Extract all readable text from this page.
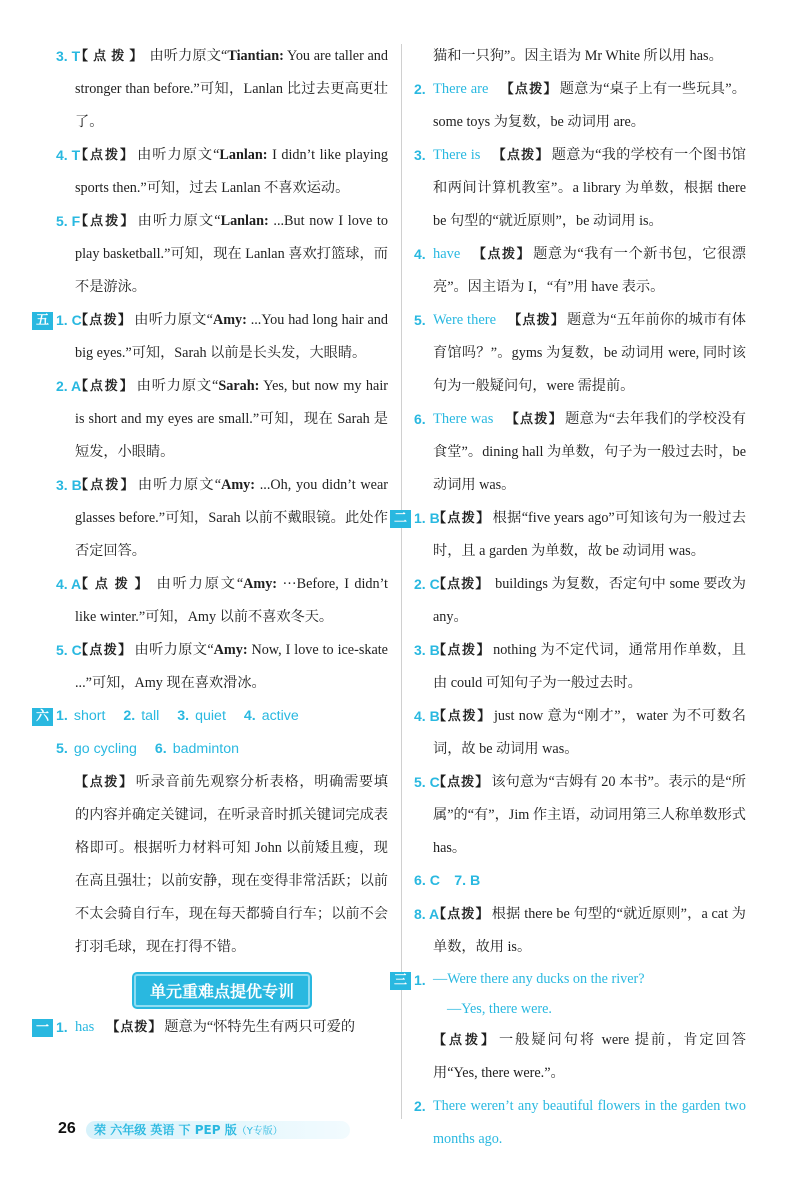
3. T
【点拨】 由听力原文“Tiantian: You are taller and stronger than before.”可知，Lanlan 比过去更高更壮了。
4. T
【点拨】 由听力原文“Lanlan: I didn’t like playing sports then.”可知，过去 Lanlan 不喜欢运动。
5. F
【点拨】 由听力原文“Lanlan: ...But now I love to play basketball.”可知，现在 Lanlan 喜欢打篮球，而不是游泳。
五 1. C
【点拨】 由听力原文“Amy: ...You had long hair and big eyes.”可知，Sarah 以前是长头发，大眼睛。
2. A
【点拨】 由听力原文“Sarah: Yes, but now my hair is short and my eyes are small.”可知，现在 Sarah 是短发，小眼睛。
3. B
【点拨】 由听力原文“Amy: ...Oh, you didn’t wear glasses before.”可知，Sarah 以前不戴眼镜。此处作否定回答。
4. A
【点拨】 由听力原文“Amy: ···Before, I didn’t like winter.”可知，Amy 以前不喜欢冬天。
5. C
【点拨】 由听力原文“Amy: Now, I love to ice-skate ...”可知，Amy 现在喜欢滑冰。
六 1. short 2. tall 3. quiet 4. active
5. go cycling 6. badminton
【点拨】 听录音前先观察分析表格，明确需要填的内容并确定关键词，在听录音时抓关键词完成表格即可。根据听力材料可知 John 以前矮且瘦，现在高且强壮；以前安静，现在变得非常活跃；以前不太会骑自行车，现在每天都骑自行车；以前不会打羽毛球，现在打得不错。
单元重难点提优专训
一 1. has 【点拨】 题意为“怀特先生有两只可爱的
猫和一只狗”。因主语为 Mr White 所以用 has。
2. There are 【点拨】 题意为“桌子上有一些玩具”。some toys 为复数，be 动词用 are。
3. There is 【点拨】 题意为“我的学校有一个图书馆和两间计算机教室”。a library 为单数，根据 there be 句型的“就近原则”，be 动词用 is。
4. have 【点拨】 题意为“我有一个新书包，它很漂亮”。因主语为 I，“有”用 have 表示。
5. Were there 【点拨】 题意为“五年前你的城市有体育馆吗？”。gyms 为复数，be 动词用 were, 同时该句为一般疑问句，were 需提前。
6. There was 【点拨】 题意为“去年我们的学校没有食堂”。dining hall 为单数，句子为一般过去时，be 动词用 was。
二 1. B
【点拨】 根据“five years ago”可知该句为一般过去时，且 a garden 为单数，故 be 动词用 was。
2. C
【点拨】 buildings 为复数，否定句中 some 要改为 any。
3. B
【点拨】 nothing 为不定代词，通常用作单数，且由 could 可知句子为一般过去时。
4. B
【点拨】 just now 意为“刚才”，water 为不可数名词，故 be 动词用 was。
5. C
【点拨】 该句意为“吉姆有 20 本书”。表示的是“所属”的“有”，Jim 作主语，动词用第三人称单数形式 has。
6. C　7. B
8. A
【点拨】 根据 there be 句型的“就近原则”，a cat 为单数，故用 is。
三 1. —Were there any ducks on the river?
—Yes, there were.
【点拨】 一般疑问句将 were 提前，肯定回答用“Yes, there were.”。
2. There weren’t any beautiful flowers in the garden two months ago.
26	荣 六年级 英语 下 PEP 版（Y专版）
